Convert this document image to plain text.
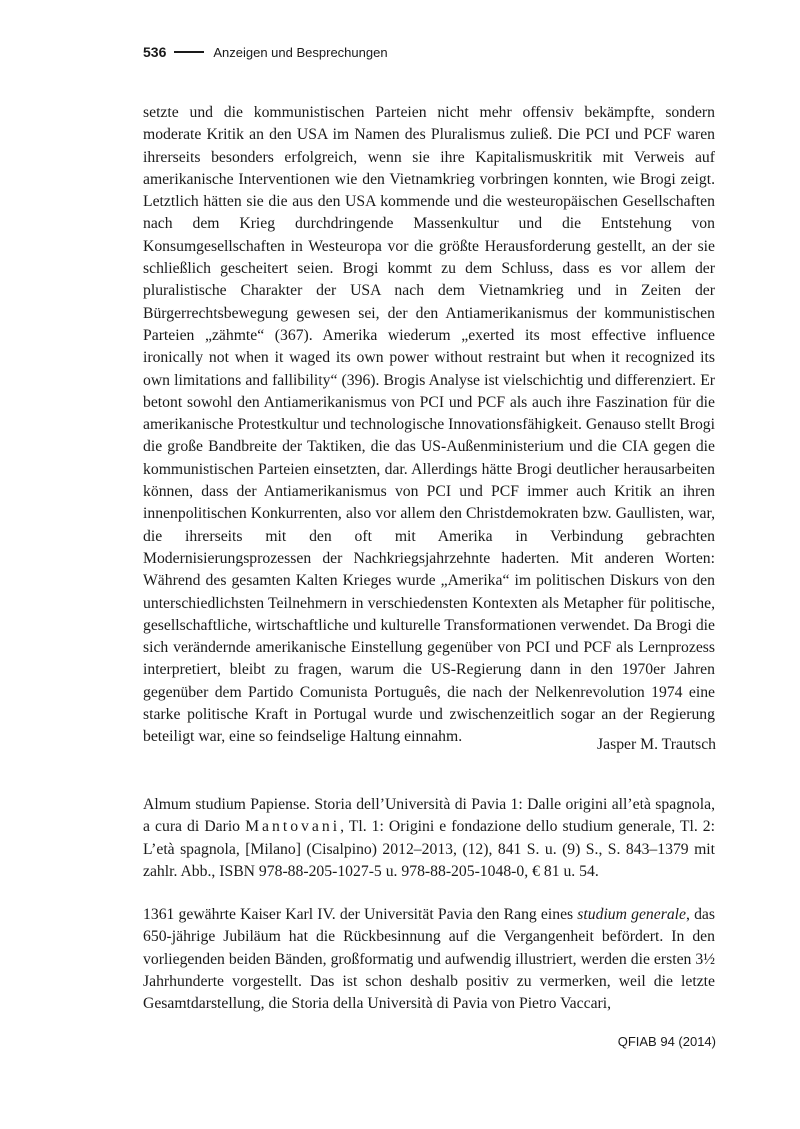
536	Anzeigen und Besprechungen
setzte und die kommunistischen Parteien nicht mehr offensiv bekämpfte, sondern moderate Kritik an den USA im Namen des Pluralismus zuließ. Die PCI und PCF waren ihrerseits besonders erfolgreich, wenn sie ihre Kapitalismuskritik mit Verweis auf amerikanische Interventionen wie den Vietnamkrieg vorbringen konnten, wie Brogi zeigt. Letztlich hätten sie die aus den USA kommende und die westeuropäischen Gesellschaften nach dem Krieg durchdringende Massenkultur und die Entstehung von Konsumgesellschaften in Westeuropa vor die größte Herausforderung gestellt, an der sie schließlich gescheitert seien. Brogi kommt zu dem Schluss, dass es vor allem der pluralistische Charakter der USA nach dem Vietnamkrieg und in Zeiten der Bürgerrechtsbewegung gewesen sei, der den Antiamerikanismus der kommunistischen Parteien „zähmte“ (367). Amerika wiederum „exerted its most effective influence ironically not when it waged its own power without restraint but when it recognized its own limitations and fallibility“ (396). Brogis Analyse ist vielschichtig und differenziert. Er betont sowohl den Antiamerikanismus von PCI und PCF als auch ihre Faszination für die amerikanische Protestkultur und technologische Innovationsfähigkeit. Genauso stellt Brogi die große Bandbreite der Taktiken, die das US-Außenministerium und die CIA gegen die kommunistischen Parteien einsetzten, dar. Allerdings hätte Brogi deutlicher herausarbeiten können, dass der Antiamerikanismus von PCI und PCF immer auch Kritik an ihren innenpolitischen Konkurrenten, also vor allem den Christdemokraten bzw. Gaullisten, war, die ihrerseits mit den oft mit Amerika in Verbindung gebrachten Modernisierungsprozessen der Nachkriegsjahrzehnte haderten. Mit anderen Worten: Während des gesamten Kalten Krieges wurde „Amerika“ im politischen Diskurs von den unterschiedlichsten Teilnehmern in verschiedensten Kontexten als Metapher für politische, gesellschaftliche, wirtschaftliche und kulturelle Transformationen verwendet. Da Brogi die sich verändernde amerikanische Einstellung gegenüber von PCI und PCF als Lernprozess interpretiert, bleibt zu fragen, warum die US-Regierung dann in den 1970er Jahren gegenüber dem Partido Comunista Português, die nach der Nelkenrevolution 1974 eine starke politische Kraft in Portugal wurde und zwischenzeitlich sogar an der Regierung beteiligt war, eine so feindselige Haltung einnahm.	Jasper M. Trautsch
Almum studium Papiense. Storia dell’Università di Pavia 1: Dalle origini all’età spagnola, a cura di Dario Mantovani, Tl. 1: Origini e fondazione dello studium generale, Tl. 2: L’età spagnola, [Milano] (Cisalpino) 2012–2013, (12), 841 S. u. (9) S., S. 843–1379 mit zahlr. Abb., ISBN 978-88-205-1027-5 u. 978-88-205-1048-0, € 81 u. 54.
1361 gewährte Kaiser Karl IV. der Universität Pavia den Rang eines studium generale, das 650-jährige Jubiläum hat die Rückbesinnung auf die Vergangenheit befördert. In den vorliegenden beiden Bänden, großformatig und aufwendig illustriert, werden die ersten 3½ Jahrhunderte vorgestellt. Das ist schon deshalb positiv zu vermerken, weil die letzte Gesamtdarstellung, die Storia della Università di Pavia von Pietro Vaccari,
QFIAB 94 (2014)
